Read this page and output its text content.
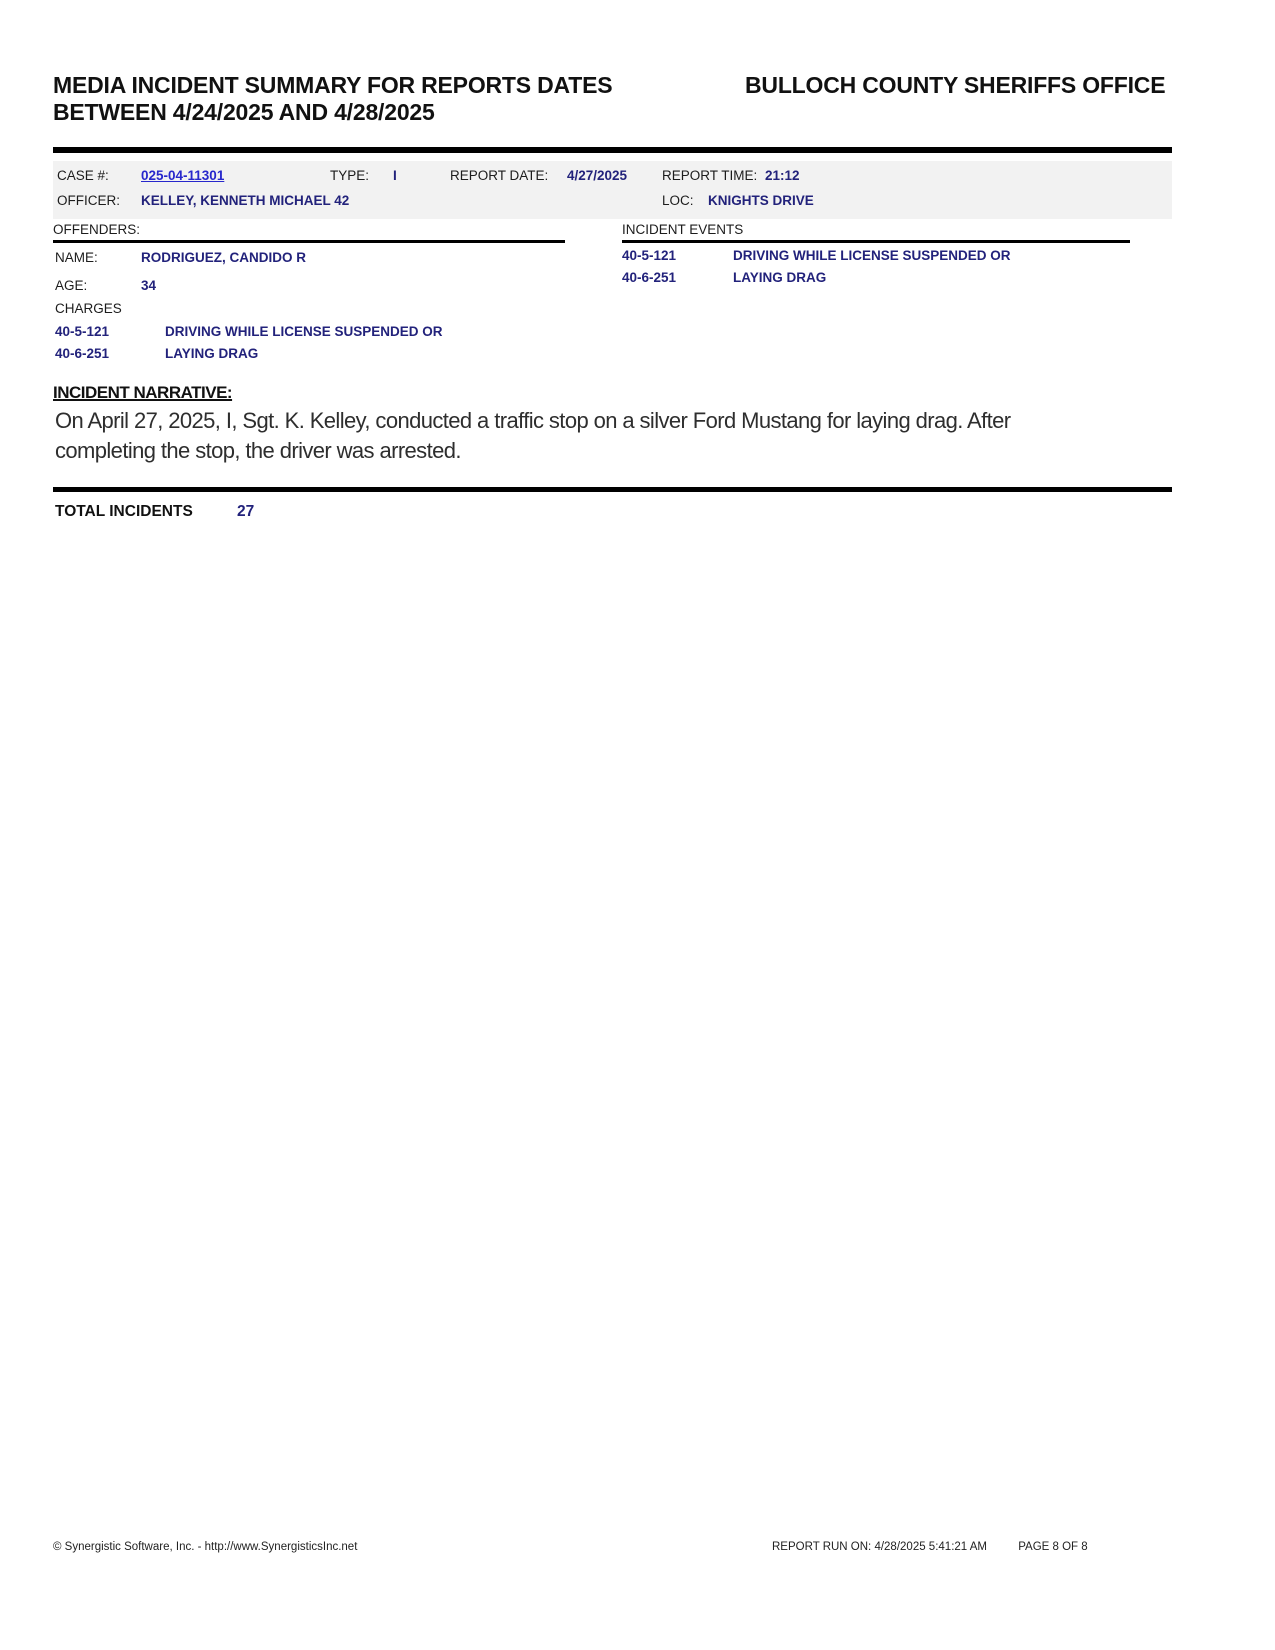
MEDIA INCIDENT SUMMARY FOR REPORTS DATES
BETWEEN 4/24/2025 AND 4/28/2025
BULLOCH COUNTY SHERIFFS OFFICE
CASE #: 025-04-11301	TYPE: I	REPORT DATE: 4/27/2025	REPORT TIME: 21:12
OFFICER: KELLEY, KENNETH MICHAEL 42	LOC: KNIGHTS DRIVE
OFFENDERS:
NAME:	RODRIGUEZ, CANDIDO R
AGE:	34
CHARGES
40-5-121	DRIVING WHILE LICENSE SUSPENDED OR
40-6-251	LAYING DRAG
INCIDENT EVENTS
40-5-121	DRIVING WHILE LICENSE SUSPENDED OR
40-6-251	LAYING DRAG
INCIDENT NARRATIVE:
On April 27, 2025, I, Sgt. K. Kelley, conducted a traffic stop on a silver Ford Mustang for laying drag. After completing the stop, the driver was arrested.
TOTAL INCIDENTS	27
© Synergistic Software, Inc. - http://www.SynergisticsInc.net	REPORT RUN ON: 4/28/2025 5:41:21 AM	PAGE 8 OF 8
